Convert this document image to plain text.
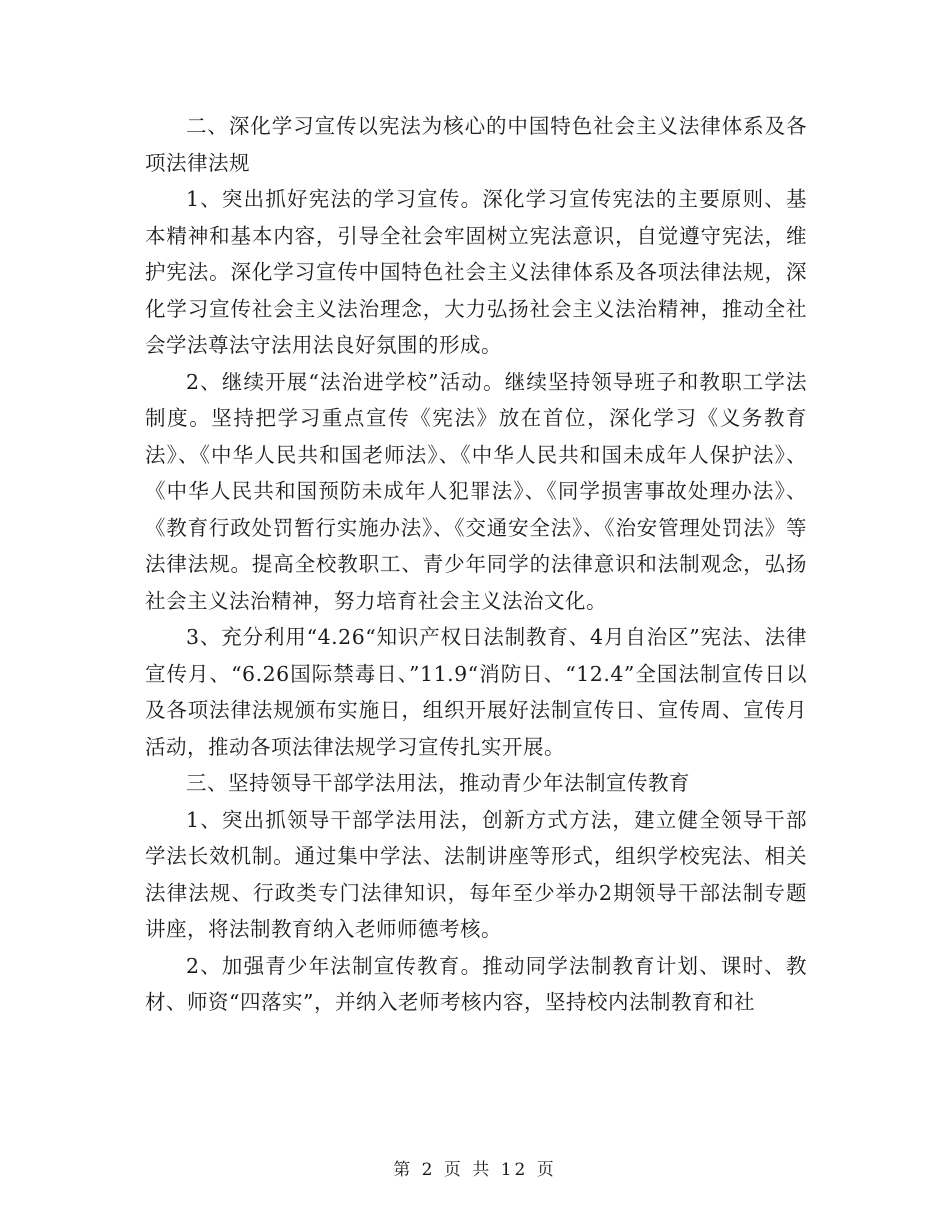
二、深化学习宣传以宪法为核心的中国特色社会主义法律体系及各项法律法规

1、突出抓好宪法的学习宣传。深化学习宣传宪法的主要原则、基本精神和基本内容，引导全社会牢固树立宪法意识，自觉遵守宪法，维护宪法。深化学习宣传中国特色社会主义法律体系及各项法律法规，深化学习宣传社会主义法治理念，大力弘扬社会主义法治精神，推动全社会学法尊法守法用法良好氛围的形成。

2、继续开展“法治进学校”活动。继续坚持领导班子和教职工学法制度。坚持把学习重点宣传《宪法》放在首位，深化学习《义务教育法》、《中华人民共和国老师法》、《中华人民共和国未成年人保护法》、《中华人民共和国预防未成年人犯罪法》、《同学损害事故处理办法》、《教育行政处罚暂行实施办法》、《交通安全法》、《治安管理处罚法》等法律法规。提高全校教职工、青少年同学的法律意识和法制观念，弘扬社会主义法治精神，努力培育社会主义法治文化。

3、充分利用“4.26“知识产权日法制教育、4月自治区”宪法、法律宣传月、“6.26国际禁毒日、”11.9“消防日、“12.4”全国法制宣传日以及各项法律法规颁布实施日，组织开展好法制宣传日、宣传周、宣传月活动，推动各项法律法规学习宣传扎实开展。

三、坚持领导干部学法用法，推动青少年法制宣传教育

1、突出抓领导干部学法用法，创新方式方法，建立健全领导干部学法长效机制。通过集中学法、法制讲座等形式，组织学校宪法、相关法律法规、行政类专门法律知识，每年至少举办2期领导干部法制专题讲座，将法制教育纳入老师师德考核。

2、加强青少年法制宣传教育。推动同学法制教育计划、课时、教材、师资“四落实”，并纳入老师考核内容，坚持校内法制教育和社

第 2 页 共 12 页
